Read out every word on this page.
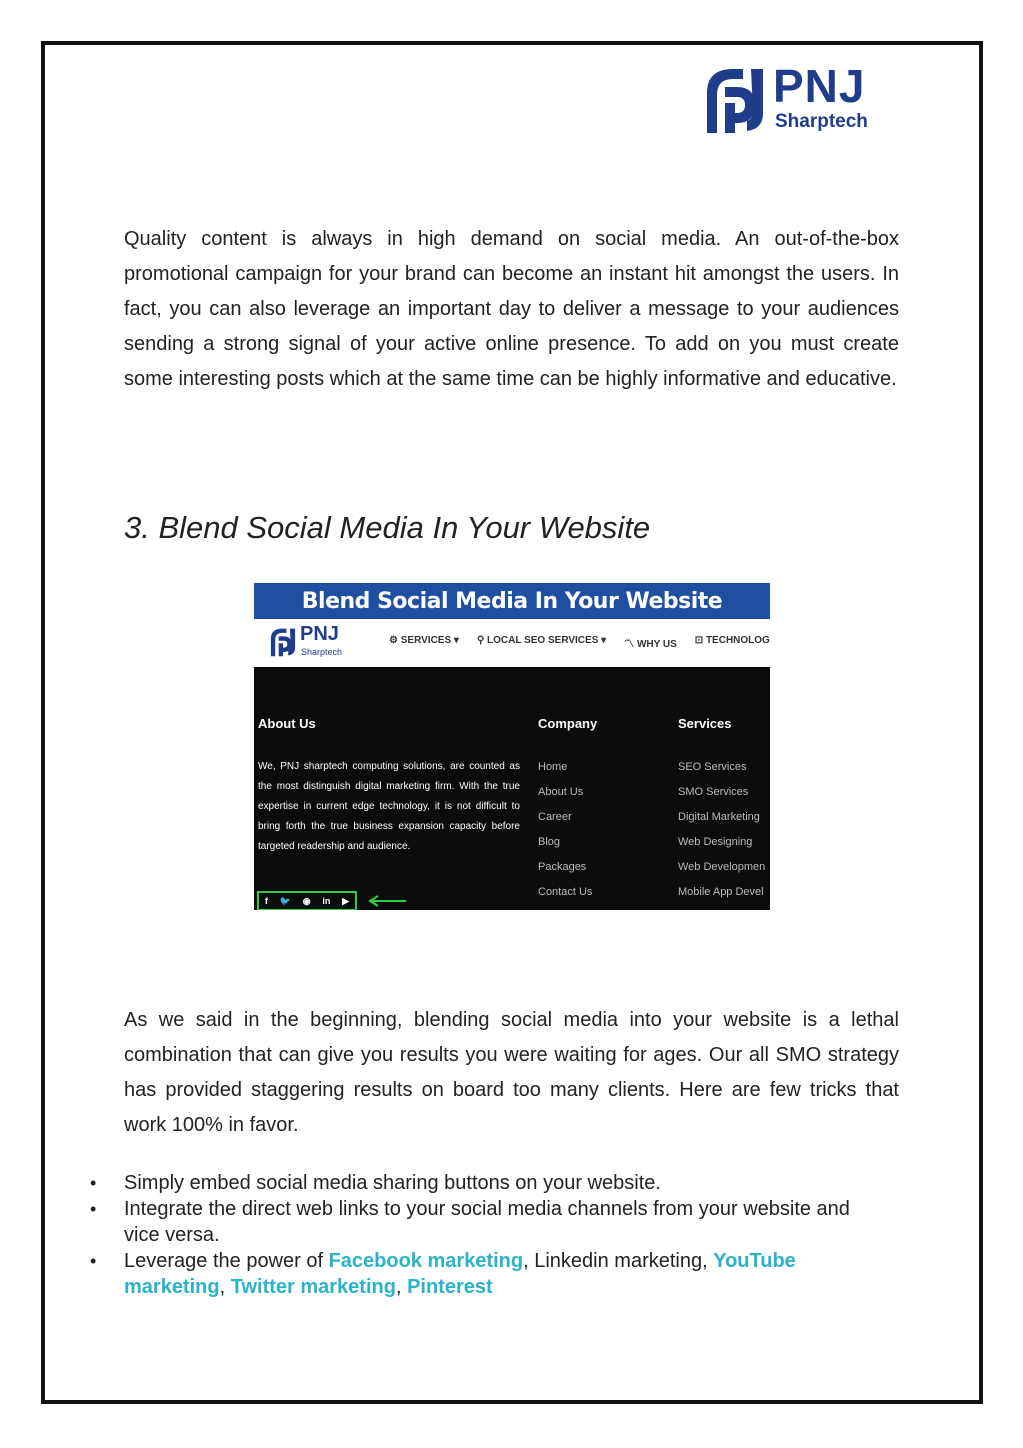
PNJ
Sharptech

Quality content is always in high demand on social media. An out-of-the-box promotional campaign for your brand can become an instant hit amongst the users. In fact, you can also leverage an important day to deliver a message to your audiences sending a strong signal of your active online presence. To add on you must create some interesting posts which at the same time can be highly informative and educative.

3. Blend Social Media In Your Website
Blend Social Media In Your Website
PNJ
Sharptech
⚙ SERVICES ▾ ⚲ LOCAL SEO SERVICES ▾ 〽 WHY US ⊡ TECHNOLOG
About Us
We, PNJ sharptech computing solutions, are counted as the most distinguish digital marketing firm. With the true expertise in current edge technology, it is not difficult to bring forth the true business expansion capacity before targeted readership and audience.
Company
Home
About Us
Career
Blog
Packages
Contact Us
Services
SEO Services
SMO Services
Digital Marketing
Web Designing
Web Developmen
Mobile App Devel
f 🐦 ◉ in ▶

As we said in the beginning, blending social media into your website is a lethal combination that can give you results you were waiting for ages. Our all SMO strategy has provided staggering results on board too many clients. Here are few tricks that work 100% in favor.

• Simply embed social media sharing buttons on your website.
• Integrate the direct web links to your social media channels from your website and vice versa.
• Leverage the power of Facebook marketing, Linkedin marketing, YouTube marketing, Twitter marketing, Pinterest
